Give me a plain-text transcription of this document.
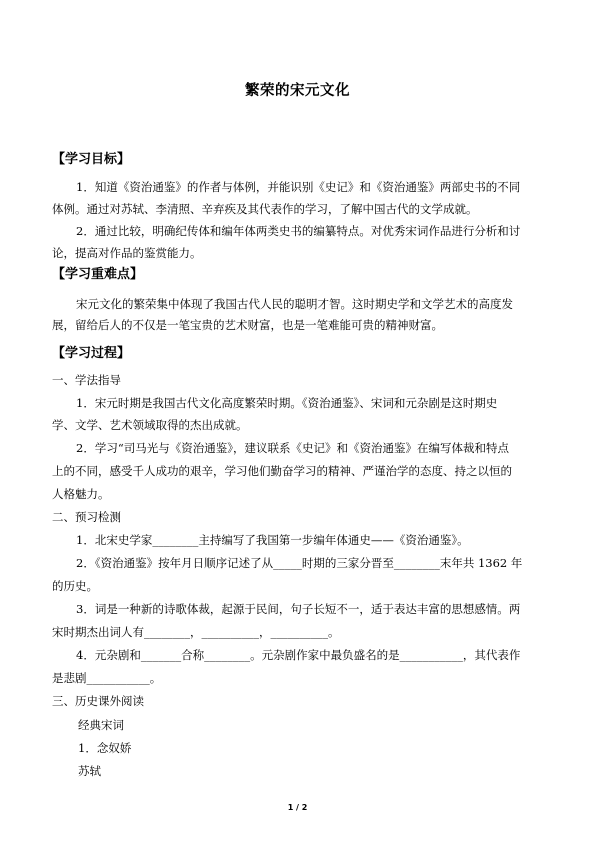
繁荣的宋元文化
【学习目标】
1．知道《资治通鉴》的作者与体例，并能识别《史记》和《资治通鉴》两部史书的不同
体例。通过对苏轼、李清照、辛弃疾及其代表作的学习，了解中国古代的文学成就。
2．通过比较，明确纪传体和编年体两类史书的编纂特点。对优秀宋词作品进行分析和讨
论，提高对作品的鉴赏能力。
【学习重难点】
宋元文化的繁荣集中体现了我国古代人民的聪明才智。这时期史学和文学艺术的高度发
展，留给后人的不仅是一笔宝贵的艺术财富，也是一笔难能可贵的精神财富。
【学习过程】
一、学法指导
1．宋元时期是我国古代文化高度繁荣时期。《资治通鉴》、宋词和元杂剧是这时期史
学、文学、艺术领域取得的杰出成就。
2．学习“司马光与《资治通鉴》，建议联系《史记》和《资治通鉴》在编写体裁和特点
上的不同，感受千人成功的艰辛，学习他们勤奋学习的精神、严谨治学的态度、持之以恒的
人格魅力。
二、预习检测
1．北宋史学家________主持编写了我国第一步编年体通史——《资治通鉴》。
2．《资治通鉴》按年月日顺序记述了从_____时期的三家分晋至________末年共 1362 年
的历史。
3．词是一种新的诗歌体裁，起源于民间，句子长短不一，适于表达丰富的思想感情。两
宋时期杰出词人有________，__________，__________。
4．元杂剧和_______合称________。元杂剧作家中最负盛名的是___________，其代表作
是悲剧___________。
三、历史课外阅读
经典宋词
1．念奴娇
苏轼
1 / 2
